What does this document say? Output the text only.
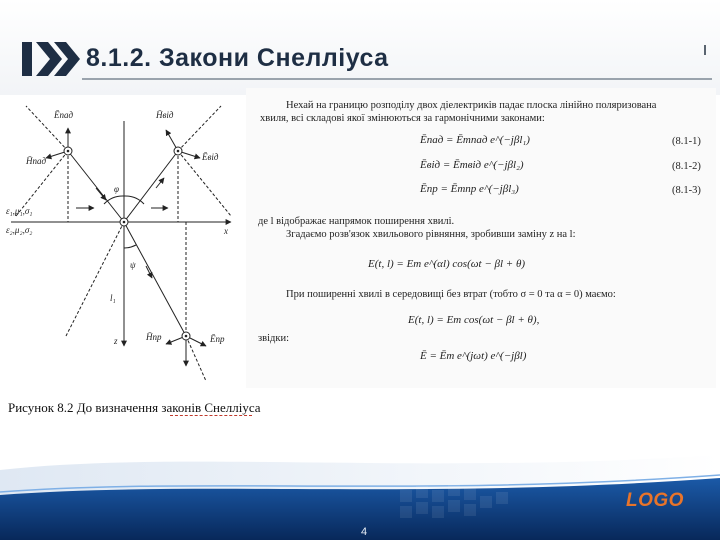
8.1.2. Закони Снелліуса
Ēпад
H̄пад
H̄від
Ēвід
H̄пр	Ēпр
l₁
φ
ψ
x
z
ε₁,μ₁,σ₁
ε₂,μ₂,σ₂
Нехай на границю розподілу двох діелектриків падає плоска лінійно поляризована
хвиля, всі складові якої змінюються за гармонічними законами:
Ēпад = Ēmпад e^(−jβl₁)	(8.1-1)
Ēвід = Ēmвід e^(−jβl₂)	(8.1-2)
Ēпр = Ēmпр e^(−jβl₃)	(8.1-3)
де l відображає напрямок поширення хвилі.
Згадаємо розв'язок хвильового рівняння, зробивши заміну z на l:
E(t, l) = Em e^(αl) cos(ωt − βl + θ)
При поширенні хвилі в середовищі без втрат (тобто σ = 0 та α = 0) маємо:
E(t, l) = Em cos(ωt − βl + θ),
звідки:
Ē = Ēm e^(jωt) e^(−jβl)
Рисунок 8.2 До визначення законів Снелліуса
LOGO
4
